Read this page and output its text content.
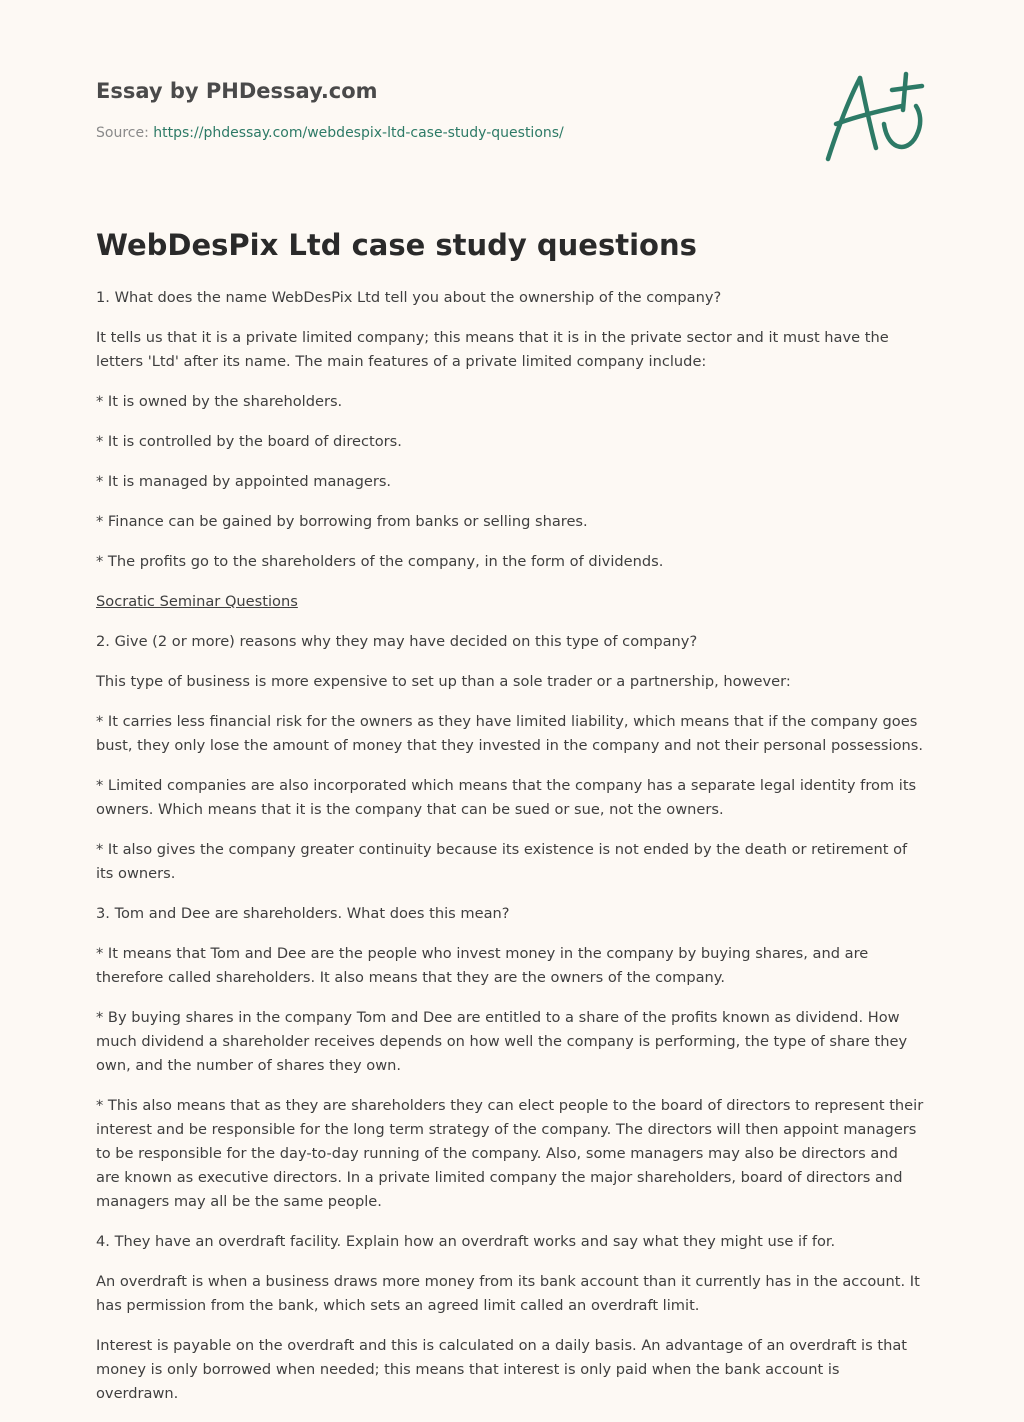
Essay by PHDessay.com
Source: https://phdessay.com/webdespix-ltd-case-study-questions/
WebDesPix Ltd case study questions

1. What does the name WebDesPix Ltd tell you about the ownership of the company?

It tells us that it is a private limited company; this means that it is in the private sector and it must have the letters 'Ltd' after its name. The main features of a private limited company include:

* It is owned by the shareholders.

* It is controlled by the board of directors.

* It is managed by appointed managers.

* Finance can be gained by borrowing from banks or selling shares.

* The profits go to the shareholders of the company, in the form of dividends.

Socratic Seminar Questions

2. Give (2 or more) reasons why they may have decided on this type of company?

This type of business is more expensive to set up than a sole trader or a partnership, however:

* It carries less financial risk for the owners as they have limited liability, which means that if the company goes bust, they only lose the amount of money that they invested in the company and not their personal possessions.

* Limited companies are also incorporated which means that the company has a separate legal identity from its owners. Which means that it is the company that can be sued or sue, not the owners.

* It also gives the company greater continuity because its existence is not ended by the death or retirement of its owners.

3. Tom and Dee are shareholders. What does this mean?

* It means that Tom and Dee are the people who invest money in the company by buying shares, and are therefore called shareholders. It also means that they are the owners of the company.

* By buying shares in the company Tom and Dee are entitled to a share of the profits known as dividend. How much dividend a shareholder receives depends on how well the company is performing, the type of share they own, and the number of shares they own.

* This also means that as they are shareholders they can elect people to the board of directors to represent their interest and be responsible for the long term strategy of the company. The directors will then appoint managers to be responsible for the day-to-day running of the company. Also, some managers may also be directors and are known as executive directors. In a private limited company the major shareholders, board of directors and managers may all be the same people.

4. They have an overdraft facility. Explain how an overdraft works and say what they might use if for.

An overdraft is when a business draws more money from its bank account than it currently has in the account. It has permission from the bank, which sets an agreed limit called an overdraft limit.

Interest is payable on the overdraft and this is calculated on a daily basis. An advantage of an overdraft is that money is only borrowed when needed; this means that interest is only paid when the bank account is overdrawn.
